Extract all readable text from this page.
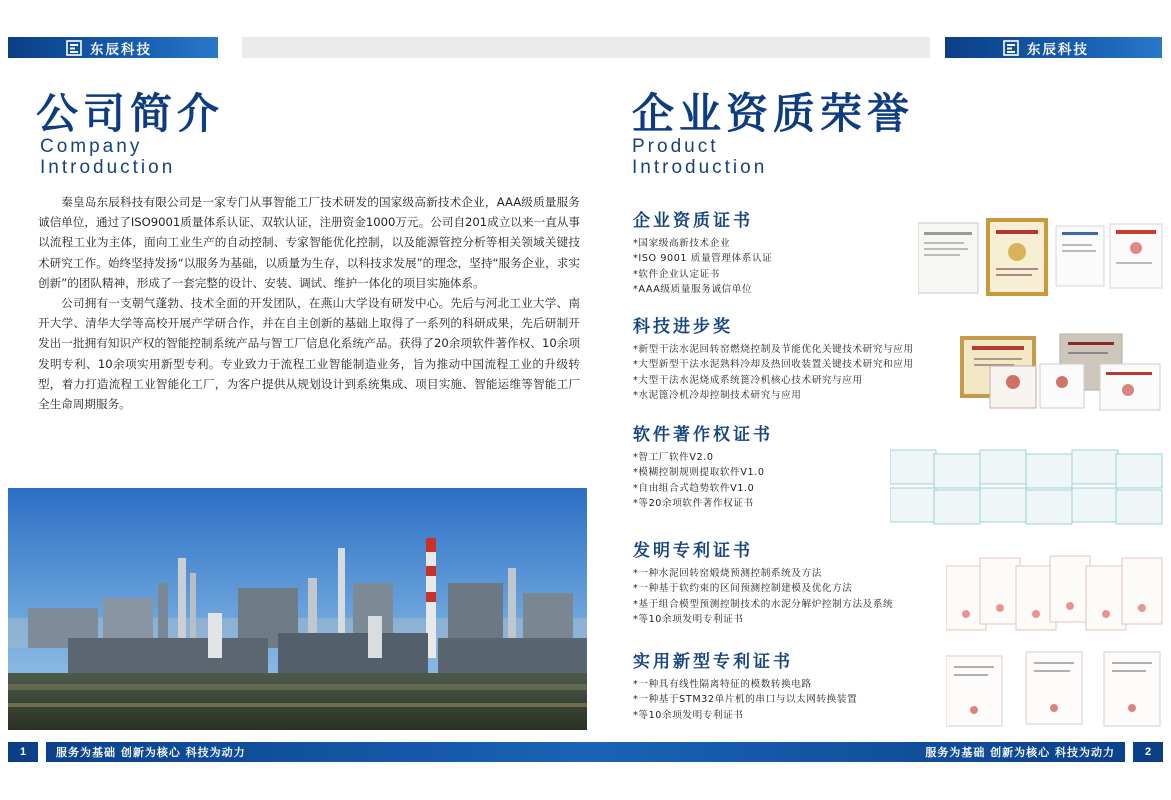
东辰科技	东辰科技
公司简介
Company
Introduction

秦皇岛东辰科技有限公司是一家专门从事智能工厂技术研发的国家级高新技术企业，AAA级质量服务诚信单位，通过了ISO9001质量体系认证、双软认证，注册资金1000万元。公司自201成立以来一直从事以流程工业为主体，面向工业生产的自动控制、专家智能优化控制，以及能源管控分析等相关领域关键技术研究工作。始终坚持发扬“以服务为基础，以质量为生存，以科技求发展”的理念，坚持“服务企业，求实创新”的团队精神，形成了一套完整的设计、安装、调试、维护一体化的项目实施体系。

公司拥有一支朝气蓬勃、技术全面的开发团队，在燕山大学设有研发中心。先后与河北工业大学、南开大学、清华大学等高校开展产学研合作，并在自主创新的基础上取得了一系列的科研成果，先后研制开发出一批拥有知识产权的智能控制系统产品与智工厂信息化系统产品。获得了20余项软件著作权、10余项发明专利、10余项实用新型专利。专业致力于流程工业智能制造业务，旨为推动中国流程工业的升级转型，着力打造流程工业智能化工厂，为客户提供从规划设计到系统集成、项目实施、智能运维等智能工厂全生命周期服务。

企业资质荣誉
Product
Introduction
企业资质证书
*国家级高新技术企业
*ISO 9001 质量管理体系认证
*软件企业认定证书
*AAA级质量服务诚信单位
科技进步奖
*新型干法水泥回转窑燃烧控制及节能优化关键技术研究与应用
*大型新型干法水泥熟料冷却及热回收装置关键技术研究和应用
*大型干法水泥烧成系统篦冷机核心技术研究与应用
*水泥篦冷机冷却控制技术研究与应用
软件著作权证书
*智工厂软件V2.0
*模糊控制规则提取软件V1.0
*自由组合式趋势软件V1.0
*等20余项软件著作权证书
发明专利证书
*一种水泥回转窑煅烧预测控制系统及方法
*一种基于软约束的区间预测控制建模及优化方法
*基于组合模型预测控制技术的水泥分解炉控制方法及系统
*等10余项发明专利证书
实用新型专利证书
*一种具有线性隔离特征的模数转换电路
*一种基于STM32单片机的串口与以太网转换装置
*等10余项发明专利证书
1	服务为基础 创新为核心 科技为动力	服务为基础 创新为核心 科技为动力	2
